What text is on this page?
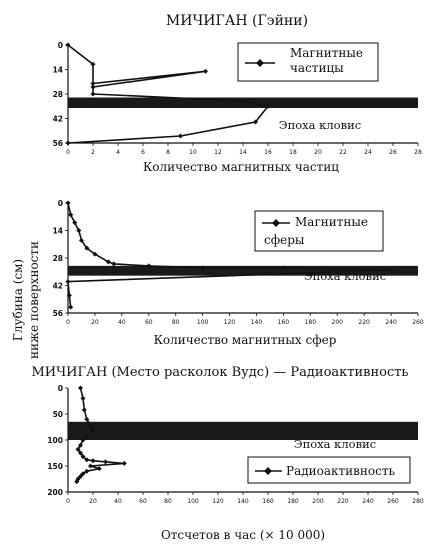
Глубина (см) ниже поверхности
МИЧИГАН (Гэйни)
0	2	4	6	8	10	12	14	16	18	20	22	24	26	28
0
14
28
42
56
Количество магнитных частиц
Магнитные частицы
Эпоха кловис
0	20	40	60	80	100	120	140	160	180	200	220	240	260
0
14
28
42
56
Количество магнитных сфер
Магнитные сферы
Эпоха кловис
МИЧИГАН (Место расколок Вудс) — Радиоактивность
0	20	40	60	80	100 120 140 160 180 200 220 240 260 280
0
50
100
150
200
Отсчетов в час (× 10 000)
Эпоха кловис
Радиоактивность
